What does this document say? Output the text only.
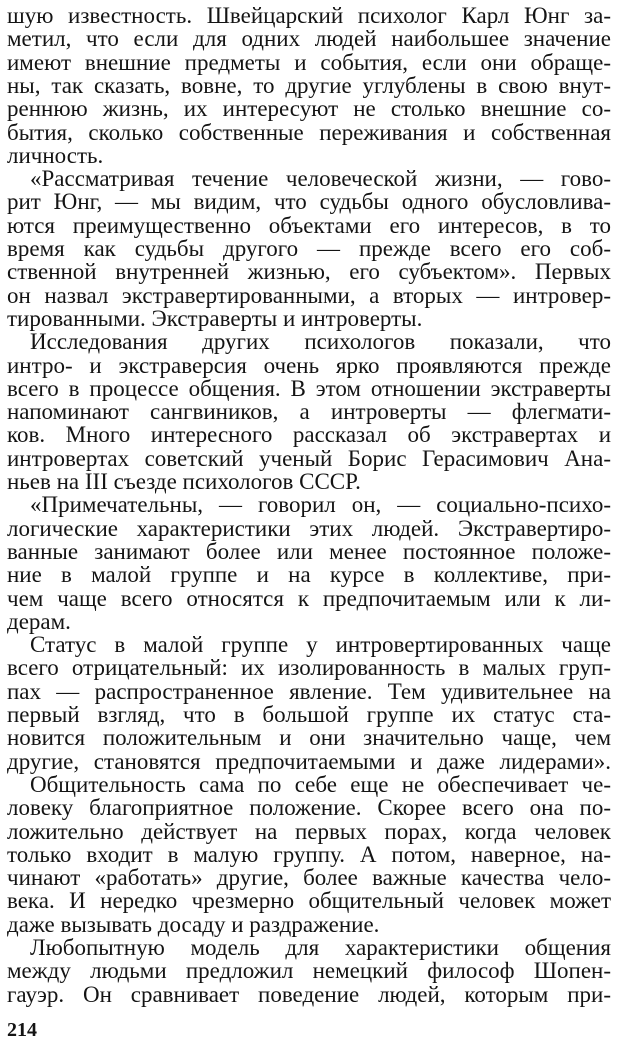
шую известность. Швейцарский психолог Карл Юнг за-
метил, что если для одних людей наибольшее значение
имеют внешние предметы и события, если они обраще-
ны, так сказать, вовне, то другие углублены в свою внут-
реннюю жизнь, их интересуют не столько внешние со-
бытия, сколько собственные переживания и собственная
личность.
«Рассматривая течение человеческой жизни, — гово-
рит Юнг, — мы видим, что судьбы одного обусловлива-
ются преимущественно объектами его интересов, в то
время как судьбы другого — прежде всего его соб-
ственной внутренней жизнью, его субъектом». Первых
он назвал экстравертированными, а вторых — интровер-
тированными. Экстраверты и интроверты.
Исследования других психологов показали, что
интро- и экстраверсия очень ярко проявляются прежде
всего в процессе общения. В этом отношении экстраверты
напоминают сангвиников, а интроверты — флегмати-
ков. Много интересного рассказал об экстравертах и
интровертах советский ученый Борис Герасимович Ана-
ньев на III съезде психологов СССР.
«Примечательны, — говорил он, — социально-психо-
логические характеристики этих людей. Экстравертиро-
ванные занимают более или менее постоянное положе-
ние в малой группе и на курсе в коллективе, при-
чем чаще всего относятся к предпочитаемым или к ли-
дерам.
Статус в малой группе у интровертированных чаще
всего отрицательный: их изолированность в малых груп-
пах — распространенное явление. Тем удивительнее на
первый взгляд, что в большой группе их статус ста-
новится положительным и они значительно чаще, чем
другие, становятся предпочитаемыми и даже лидерами».
Общительность сама по себе еще не обеспечивает че-
ловеку благоприятное положение. Скорее всего она по-
ложительно действует на первых порах, когда человек
только входит в малую группу. А потом, наверное, на-
чинают «работать» другие, более важные качества чело-
века. И нередко чрезмерно общительный человек может
даже вызывать досаду и раздражение.
Любопытную модель для характеристики общения
между людьми предложил немецкий философ Шопен-
гауэр. Он сравнивает поведение людей, которым при-
214
